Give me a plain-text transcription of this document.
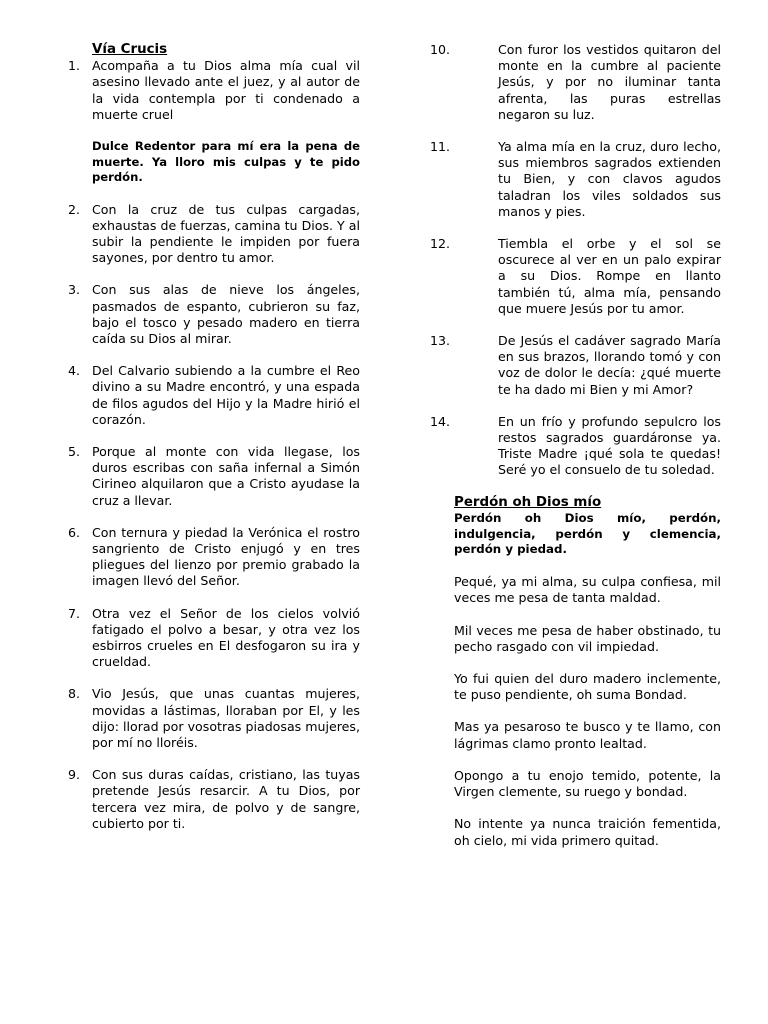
Vía Crucis
1. Acompaña a tu Dios alma mía cual vil asesino llevado ante el juez, y al autor de la vida contempla por ti condenado a muerte cruel
Dulce Redentor para mí era la pena de muerte. Ya lloro mis culpas y te pido perdón.
2. Con la cruz de tus culpas cargadas, exhaustas de fuerzas, camina tu Dios. Y al subir la pendiente le impiden por fuera sayones, por dentro tu amor.
3. Con sus alas de nieve los ángeles, pasmados de espanto, cubrieron su faz, bajo el tosco y pesado madero en tierra caída su Dios al mirar.
4. Del Calvario subiendo a la cumbre el Reo divino a su Madre encontró, y una espada de filos agudos del Hijo y la Madre hirió el corazón.
5. Porque al monte con vida llegase, los duros escribas con saña infernal a Simón Cirineo alquilaron que a Cristo ayudase la cruz a llevar.
6. Con ternura y piedad la Verónica el rostro sangriento de Cristo enjugó y en tres pliegues del lienzo por premio grabado la imagen llevó del Señor.
7. Otra vez el Señor de los cielos volvió fatigado el polvo a besar, y otra vez los esbirros crueles en El desfogaron su ira y crueldad.
8. Vio Jesús, que unas cuantas mujeres, movidas a lástimas, lloraban por El, y les dijo: llorad por vosotras piadosas mujeres, por mí no lloréis.
9. Con sus duras caídas, cristiano, las tuyas pretende Jesús resarcir. A tu Dios, por tercera vez mira, de polvo y de sangre, cubierto por ti.
10.	Con furor los vestidos quitaron del monte en la cumbre al paciente Jesús, y por no iluminar tanta afrenta, las puras estrellas negaron su luz.
11.	Ya alma mía en la cruz, duro lecho, sus miembros sagrados extienden tu Bien, y con clavos agudos taladran los viles soldados sus manos y pies.
12.	Tiembla el orbe y el sol se oscurece al ver en un palo expirar a su Dios. Rompe en llanto también tú, alma mía, pensando que muere Jesús por tu amor.
13.	De Jesús el cadáver sagrado María en sus brazos, llorando tomó y con voz de dolor le decía: ¿qué muerte te ha dado mi Bien y mi Amor?
14.	En un frío y profundo sepulcro los restos sagrados guardáronse ya. Triste Madre ¡qué sola te quedas! Seré yo el consuelo de tu soledad.
Perdón oh Dios mío
Perdón oh Dios mío, perdón, indulgencia, perdón y clemencia, perdón y piedad.
Pequé, ya mi alma, su culpa confiesa, mil veces me pesa de tanta maldad.
Mil veces me pesa de haber obstinado, tu pecho rasgado con vil impiedad.
Yo fui quien del duro madero inclemente, te puso pendiente, oh suma Bondad.
Mas ya pesaroso te busco y te llamo, con lágrimas clamo pronto lealtad.
Opongo a tu enojo temido, potente, la Virgen clemente, su ruego y bondad.
No intente ya nunca traición fementida, oh cielo, mi vida primero quitad.
